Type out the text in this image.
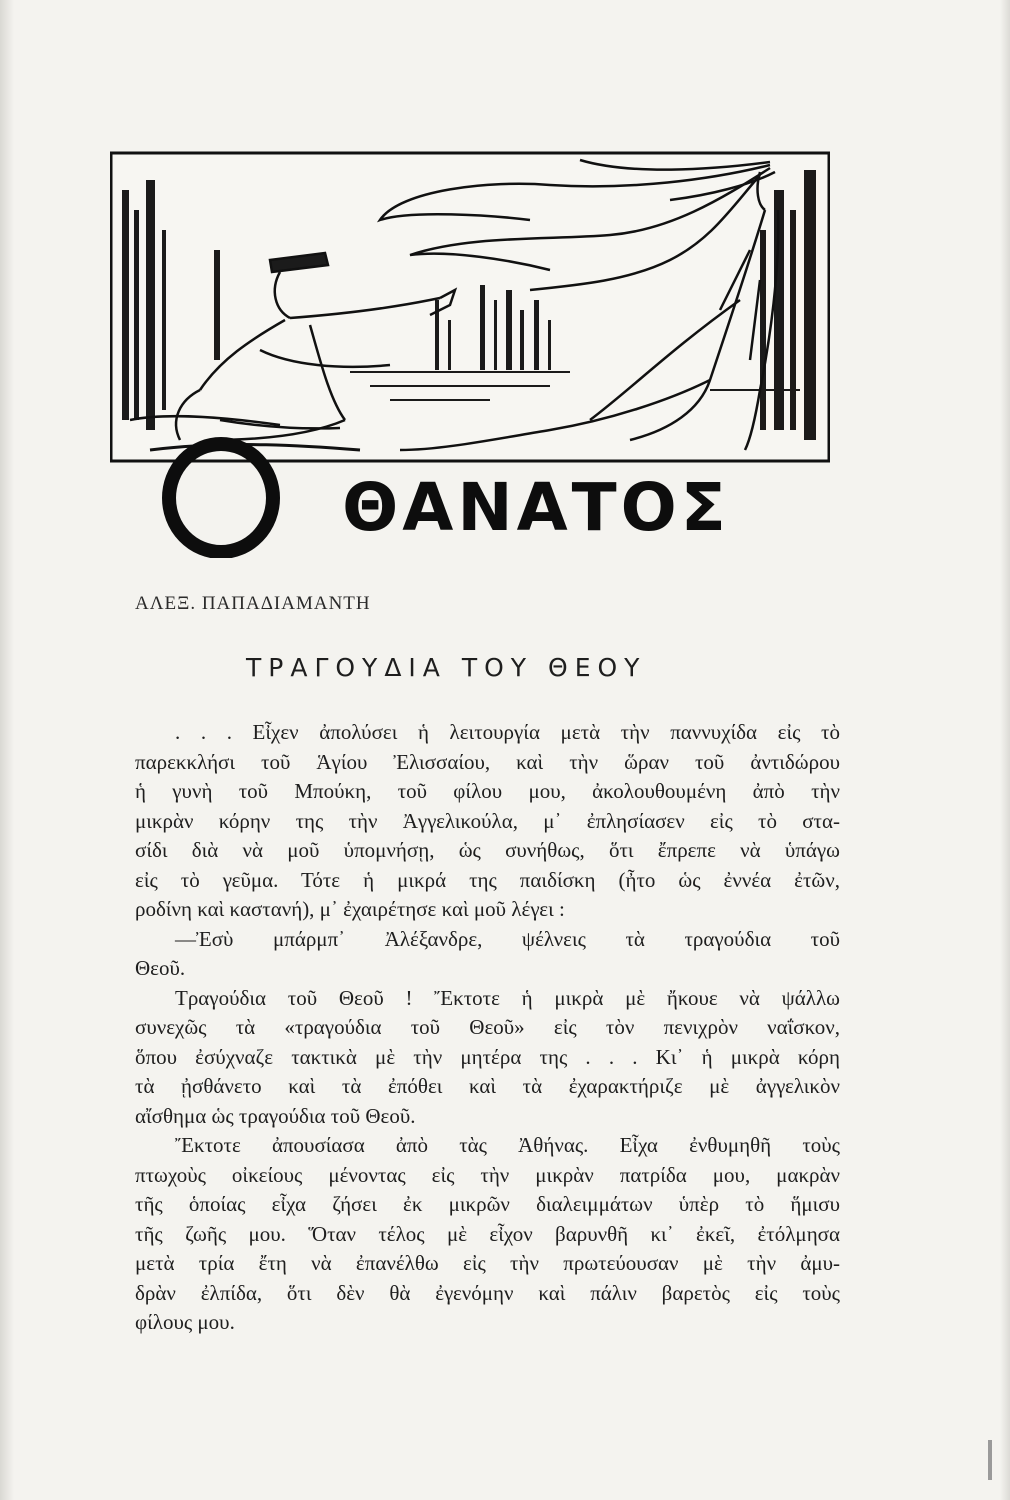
Ο
ΘΑΝΑΤΟΣ
ΑΛΕΞ. ΠΑΠΑΔΙΑΜΑΝΤΗ
ΤΡΑΓΟΥΔΙΑ ΤΟΥ ΘΕΟΥ
. . . Εἶχεν ἀπολύσει ἡ λειτουργία μετὰ τὴν παννυχίδα εἰς τὸ
παρεκκλήσι τοῦ Ἁγίου Ἐλισσαίου, καὶ τὴν ὥραν τοῦ ἀντιδώρου
ἡ γυνὴ τοῦ Μπούκη, τοῦ φίλου μου, ἀκολουθουμένη ἀπὸ τὴν
μικρὰν κόρην της τὴν Ἀγγελικούλα, μ᾽ ἐπλησίασεν εἰς τὸ στα-
σίδι διὰ νὰ μοῦ ὑπομνήσῃ, ὡς συνήθως, ὅτι ἔπρεπε νὰ ὑπάγω
εἰς τὸ γεῦμα. Τότε ἡ μικρά της παιδίσκη (ἦτο ὡς ἐννέα ἐτῶν,
ροδίνη καὶ καστανή), μ᾽ ἐχαιρέτησε καὶ μοῦ λέγει :
—Ἐσὺ μπάρμπ᾽ Ἀλέξανδρε, ψέλνεις τὰ τραγούδια τοῦ
Θεοῦ.
Τραγούδια τοῦ Θεοῦ ! Ἔκτοτε ἡ μικρὰ μὲ ἤκουε νὰ ψάλλω
συνεχῶς τὰ «τραγούδια τοῦ Θεοῦ» εἰς τὸν πενιχρὸν ναΐσκον,
ὅπου ἐσύχναζε τακτικὰ μὲ τὴν μητέρα της . . . Κι᾽ ἡ μικρὰ κόρη
τὰ ᾐσθάνετο καὶ τὰ ἐπόθει καὶ τὰ ἐχαρακτήριζε μὲ ἀγγελικὸν
αἴσθημα ὡς τραγούδια τοῦ Θεοῦ.
Ἔκτοτε ἀπουσίασα ἀπὸ τὰς Ἀθήνας. Εἶχα ἐνθυμηθῆ τοὺς
πτωχοὺς οἰκείους μένοντας εἰς τὴν μικρὰν πατρίδα μου, μακρὰν
τῆς ὁποίας εἶχα ζήσει ἐκ μικρῶν διαλειμμάτων ὑπὲρ τὸ ἥμισυ
τῆς ζωῆς μου. Ὅταν τέλος μὲ εἶχον βαρυνθῆ κι᾽ ἐκεῖ, ἐτόλμησα
μετὰ τρία ἔτη νὰ ἐπανέλθω εἰς τὴν πρωτεύουσαν μὲ τὴν ἀμυ-
δρὰν ἐλπίδα, ὅτι δὲν θὰ ἐγενόμην καὶ πάλιν βαρετὸς εἰς τοὺς
φίλους μου.
